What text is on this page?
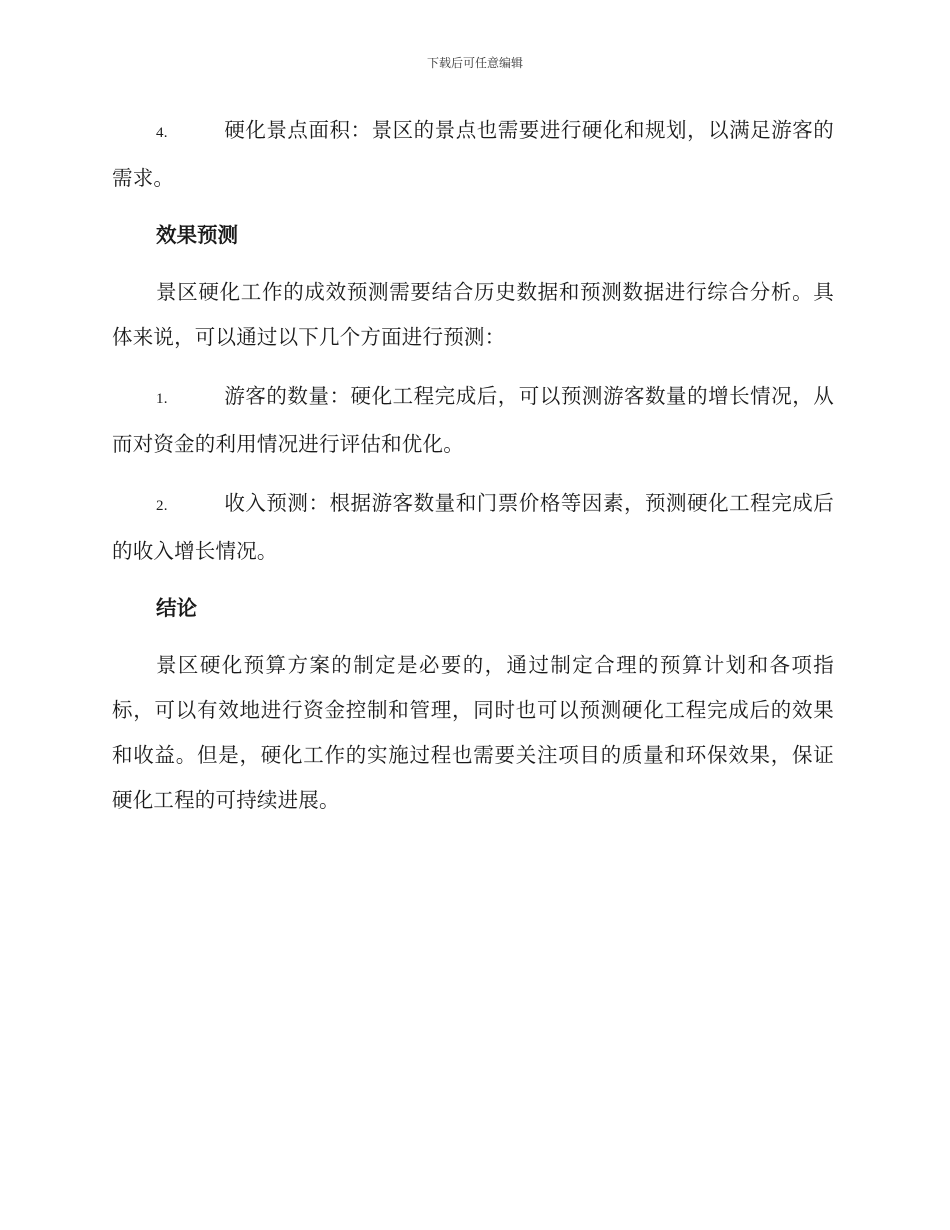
下载后可任意编辑

4.	硬化景点面积：景区的景点也需要进行硬化和规划，以满足游客的需求。

效果预测

景区硬化工作的成效预测需要结合历史数据和预测数据进行综合分析。具体来说，可以通过以下几个方面进行预测：

1.	游客的数量：硬化工程完成后，可以预测游客数量的增长情况，从而对资金的利用情况进行评估和优化。

2.	收入预测：根据游客数量和门票价格等因素，预测硬化工程完成后的收入增长情况。

结论

景区硬化预算方案的制定是必要的，通过制定合理的预算计划和各项指标，可以有效地进行资金控制和管理，同时也可以预测硬化工程完成后的效果和收益。但是，硬化工作的实施过程也需要关注项目的质量和环保效果，保证硬化工程的可持续进展。
